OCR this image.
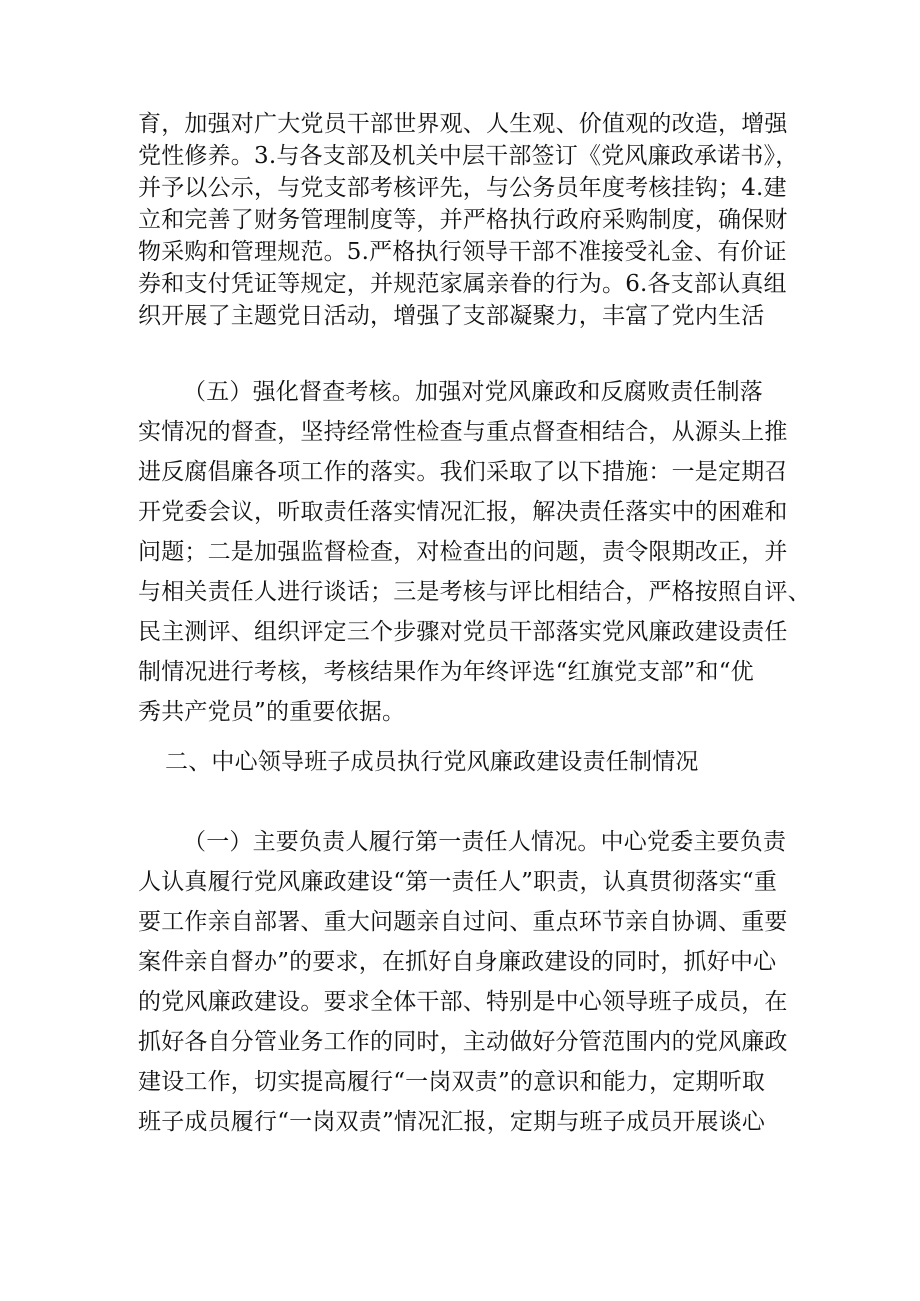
育，加强对广大党员干部世界观、人生观、价值观的改造，增强
党性修养。3.与各支部及机关中层干部签订《党风廉政承诺书》，
并予以公示，与党支部考核评先，与公务员年度考核挂钩；4.建
立和完善了财务管理制度等，并严格执行政府采购制度，确保财
物采购和管理规范。5.严格执行领导干部不准接受礼金、有价证
券和支付凭证等规定，并规范家属亲眷的行为。6.各支部认真组
织开展了主题党日活动，增强了支部凝聚力，丰富了党内生活
（五）强化督查考核。加强对党风廉政和反腐败责任制落
实情况的督查，坚持经常性检查与重点督查相结合，从源头上推
进反腐倡廉各项工作的落实。我们采取了以下措施：一是定期召
开党委会议，听取责任落实情况汇报，解决责任落实中的困难和
问题；二是加强监督检查，对检查出的问题，责令限期改正，并
与相关责任人进行谈话；三是考核与评比相结合，严格按照自评、
民主测评、组织评定三个步骤对党员干部落实党风廉政建设责任
制情况进行考核，考核结果作为年终评选“红旗党支部”和“优
秀共产党员”的重要依据。
二、中心领导班子成员执行党风廉政建设责任制情况
（一）主要负责人履行第一责任人情况。中心党委主要负责
人认真履行党风廉政建设“第一责任人”职责，认真贯彻落实“重
要工作亲自部署、重大问题亲自过问、重点环节亲自协调、重要
案件亲自督办”的要求，在抓好自身廉政建设的同时，抓好中心
的党风廉政建设。要求全体干部、特别是中心领导班子成员，在
抓好各自分管业务工作的同时，主动做好分管范围内的党风廉政
建设工作，切实提高履行“一岗双责”的意识和能力，定期听取
班子成员履行“一岗双责”情况汇报，定期与班子成员开展谈心
